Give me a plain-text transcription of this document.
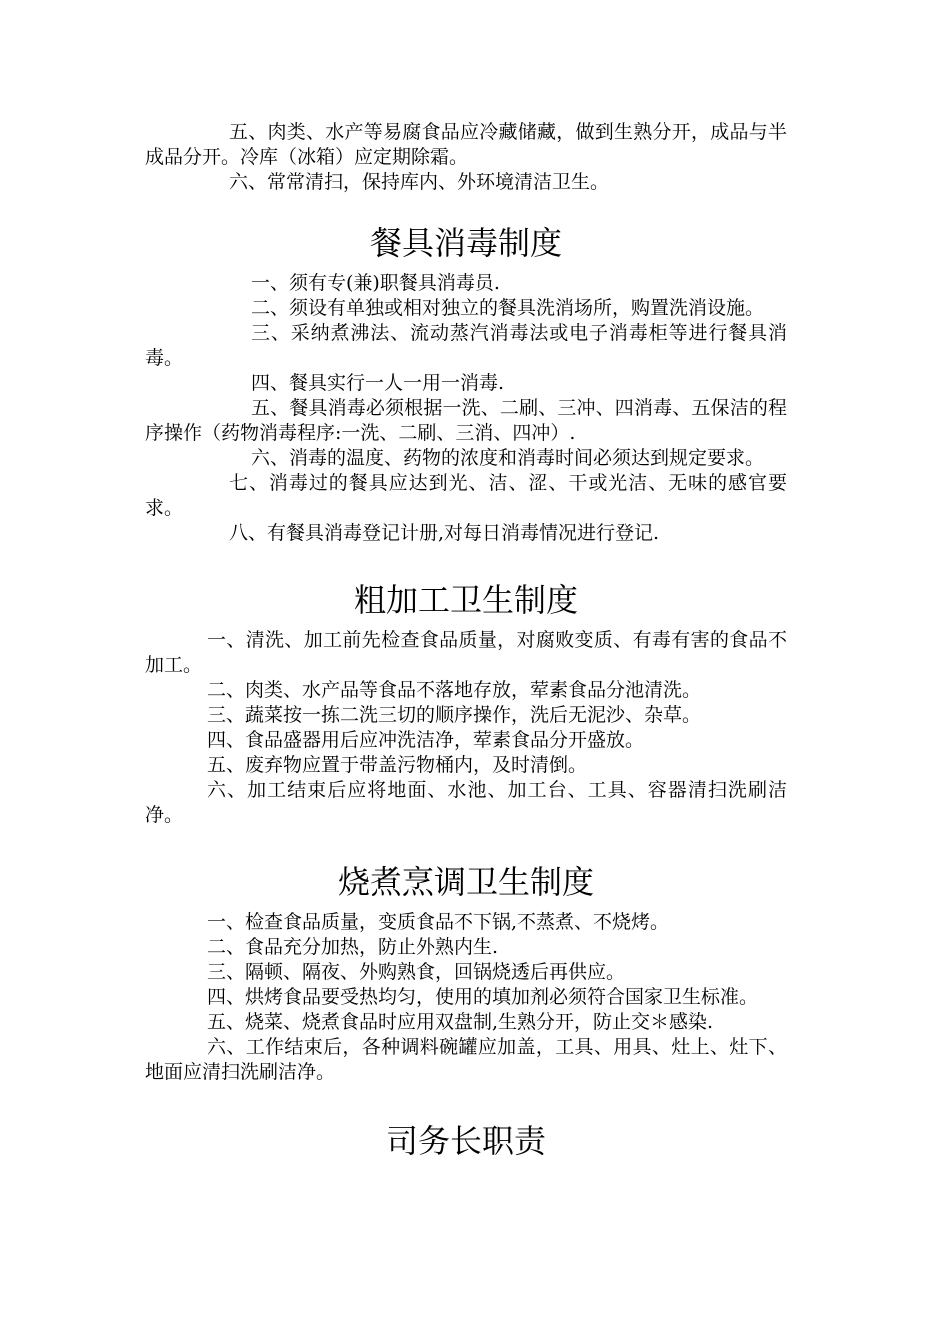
五、肉类、水产等易腐食品应冷藏储藏，做到生熟分开，成品与半成品分开。冷库（冰箱）应定期除霜。

六、常常清扫，保持库内、外环境清洁卫生。

餐具消毒制度

一、须有专(兼)职餐具消毒员.

二、须设有单独或相对独立的餐具洗消场所，购置洗消设施。

三、采纳煮沸法、流动蒸汽消毒法或电子消毒柜等进行餐具消毒。

四、餐具实行一人一用一消毒.

五、餐具消毒必须根据一洗、二刷、三冲、四消毒、五保洁的程序操作（药物消毒程序:一洗、二刷、三消、四冲）.

六、消毒的温度、药物的浓度和消毒时间必须达到规定要求。

七、消毒过的餐具应达到光、洁、涩、干或光洁、无味的感官要求。

八、有餐具消毒登记计册,对每日消毒情况进行登记.

粗加工卫生制度

一、清洗、加工前先检查食品质量，对腐败变质、有毒有害的食品不加工。

二、肉类、水产品等食品不落地存放，荤素食品分池清洗。

三、蔬菜按一拣二洗三切的顺序操作，洗后无泥沙、杂草。

四、食品盛器用后应冲洗洁净，荤素食品分开盛放。

五、废弃物应置于带盖污物桶内，及时清倒。

六、加工结束后应将地面、水池、加工台、工具、容器清扫洗刷洁净。

烧煮烹调卫生制度

一、检查食品质量，变质食品不下锅,不蒸煮、不烧烤。

二、食品充分加热，防止外熟内生.

三、隔顿、隔夜、外购熟食，回锅烧透后再供应。

四、烘烤食品要受热均匀，使用的填加剂必须符合国家卫生标准。

五、烧菜、烧煮食品时应用双盘制,生熟分开，防止交＊感染.

六、工作结束后，各种调料碗罐应加盖，工具、用具、灶上、灶下、地面应清扫洗刷洁净。

司务长职责
